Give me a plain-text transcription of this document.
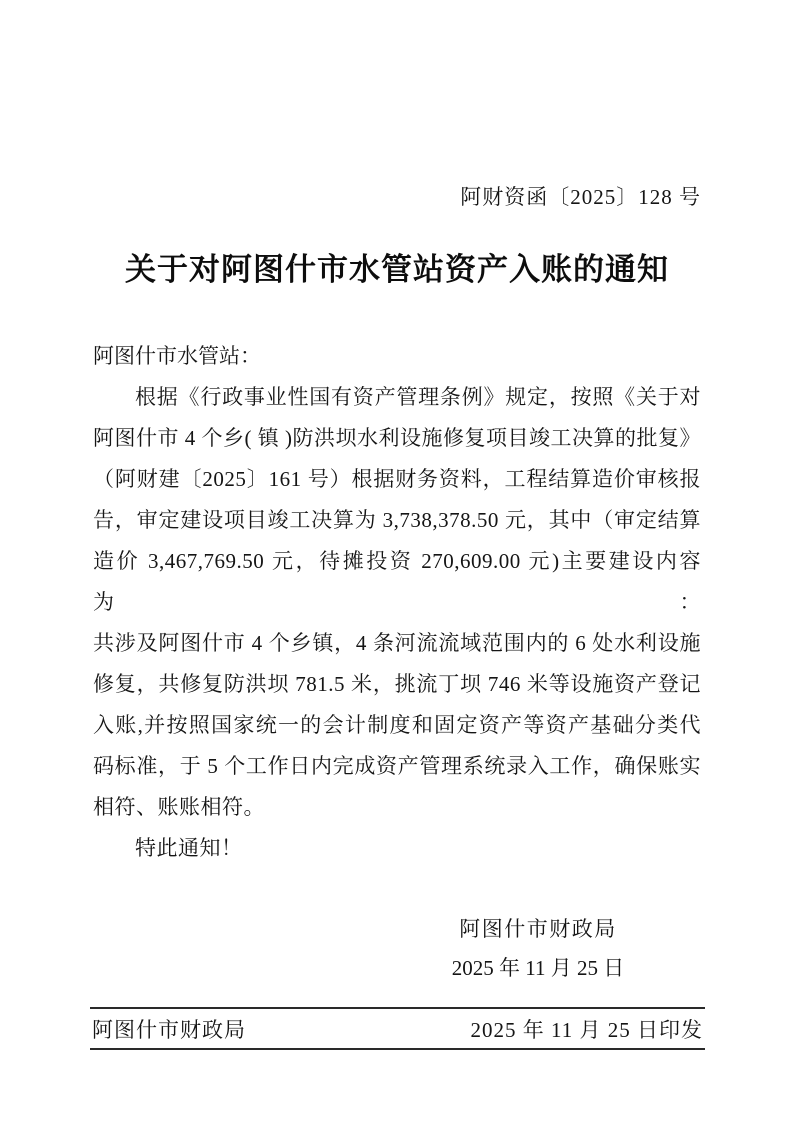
阿财资函〔2025〕128 号
关于对阿图什市水管站资产入账的通知
阿图什市水管站：
根据《行政事业性国有资产管理条例》规定，按照《关于对
阿图什市 4 个乡( 镇 )防洪坝水利设施修复项目竣工决算的批复》
（阿财建〔2025〕161 号）根据财务资料，工程结算造价审核报
告，审定建设项目竣工决算为 3,738,378.50 元，其中（审定结算
造价 3,467,769.50 元，待摊投资 270,609.00 元)主要建设内容为：
共涉及阿图什市 4 个乡镇，4 条河流流域范围内的 6 处水利设施
修复，共修复防洪坝 781.5 米，挑流丁坝 746 米等设施资产登记
入账,并按照国家统一的会计制度和固定资产等资产基础分类代
码标准，于 5 个工作日内完成资产管理系统录入工作，确保账实
相符、账账相符。
特此通知！
阿图什市财政局
2025 年 11 月 25 日
阿图什市财政局	2025 年 11 月 25 日印发
